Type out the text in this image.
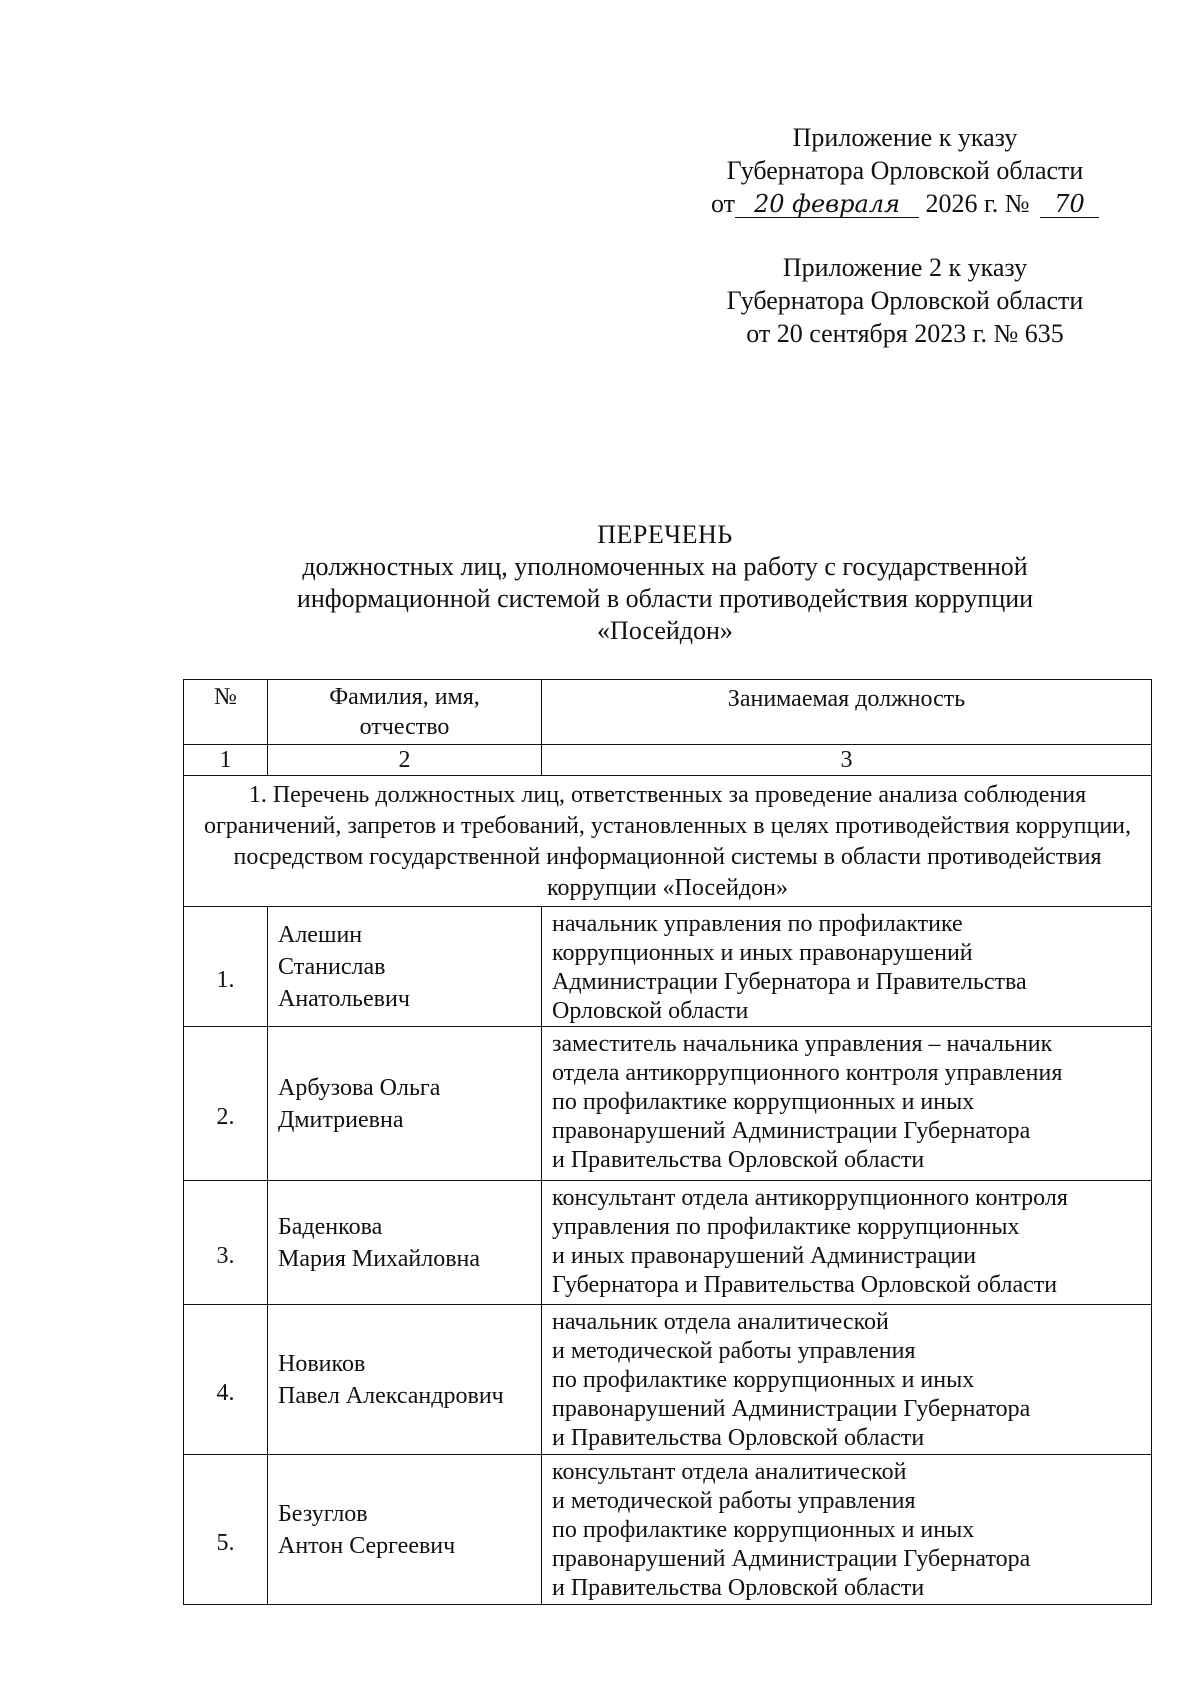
Приложение к указу
Губернатора Орловской области
от 20 февраля 2026 г. № 70
Приложение 2 к указу
Губернатора Орловской области
от 20 сентября 2023 г. № 635
ПЕРЕЧЕНЬ
должностных лиц, уполномоченных на работу с государственной
информационной системой в области противодействия коррупции
«Посейдон»
№	Фамилия, имя,
отчество	Занимаемая должность
1	2	3
1. Перечень должностных лиц, ответственных за проведение анализа соблюдения ограничений, запретов и требований, установленных в целях противодействия коррупции, посредством государственной информационной системы в области противодействия коррупции «Посейдон»		
1.	Алешин
Станислав
Анатольевич	начальник управления по профилактике
коррупционных и иных правонарушений
Администрации Губернатора и Правительства
Орловской области
2.	Арбузова Ольга
Дмитриевна	заместитель начальника управления – начальник
отдела антикоррупционного контроля управления
по профилактике коррупционных и иных
правонарушений Администрации Губернатора
и Правительства Орловской области
3.	Баденкова
Мария Михайловна	консультант отдела антикоррупционного контроля
управления по профилактике коррупционных
и иных правонарушений Администрации
Губернатора и Правительства Орловской области
4.	Новиков
Павел Александрович	начальник отдела аналитической
и методической работы управления
по профилактике коррупционных и иных
правонарушений Администрации Губернатора
и Правительства Орловской области
5.	Безуглов
Антон Сергеевич	консультант отдела аналитической
и методической работы управления
по профилактике коррупционных и иных
правонарушений Администрации Губернатора
и Правительства Орловской области
